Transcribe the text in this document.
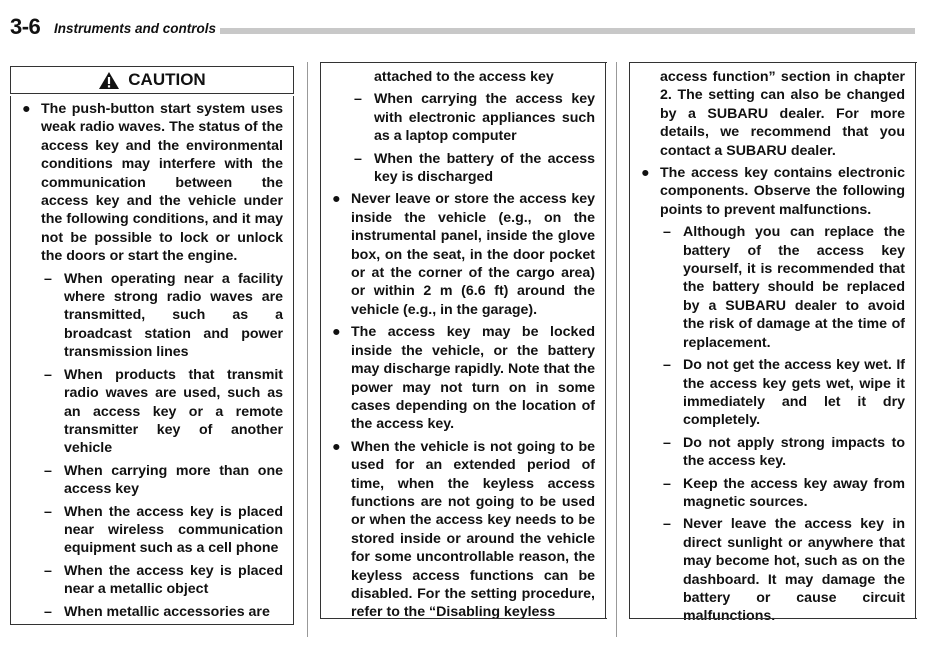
3-6 Instruments and controls
CAUTION
● The push-button start system uses weak radio waves. The status of the access key and the environmental conditions may interfere with the communication between the access key and the vehicle under the following conditions, and it may not be possible to lock or unlock the doors or start the engine.
– When operating near a facility where strong radio waves are transmitted, such as a broadcast station and power transmission lines
– When products that transmit radio waves are used, such as an access key or a remote transmitter key of another vehicle
– When carrying more than one access key
– When the access key is placed near wireless communication equipment such as a cell phone
– When the access key is placed near a metallic object
– When metallic accessories are
attached to the access key
– When carrying the access key with electronic appliances such as a laptop computer
– When the battery of the access key is discharged
● Never leave or store the access key inside the vehicle (e.g., on the instrumental panel, inside the glove box, on the seat, in the door pocket or at the corner of the cargo area) or within 2 m (6.6 ft) around the vehicle (e.g., in the garage).
● The access key may be locked inside the vehicle, or the battery may discharge rapidly. Note that the power may not turn on in some cases depending on the location of the access key.
● When the vehicle is not going to be used for an extended period of time, when the keyless access functions are not going to be used or when the access key needs to be stored inside or around the vehicle for some uncontrollable reason, the keyless access functions can be disabled. For the setting procedure, refer to the “Disabling keyless
access function” section in chapter 2. The setting can also be changed by a SUBARU dealer. For more details, we recommend that you contact a SUBARU dealer.
● The access key contains electronic components. Observe the following points to prevent malfunctions.
– Although you can replace the battery of the access key yourself, it is recommended that the battery should be replaced by a SUBARU dealer to avoid the risk of damage at the time of replacement.
– Do not get the access key wet. If the access key gets wet, wipe it immediately and let it dry completely.
– Do not apply strong impacts to the access key.
– Keep the access key away from magnetic sources.
– Never leave the access key in direct sunlight or anywhere that may become hot, such as on the dashboard. It may damage the battery or cause circuit malfunctions.
